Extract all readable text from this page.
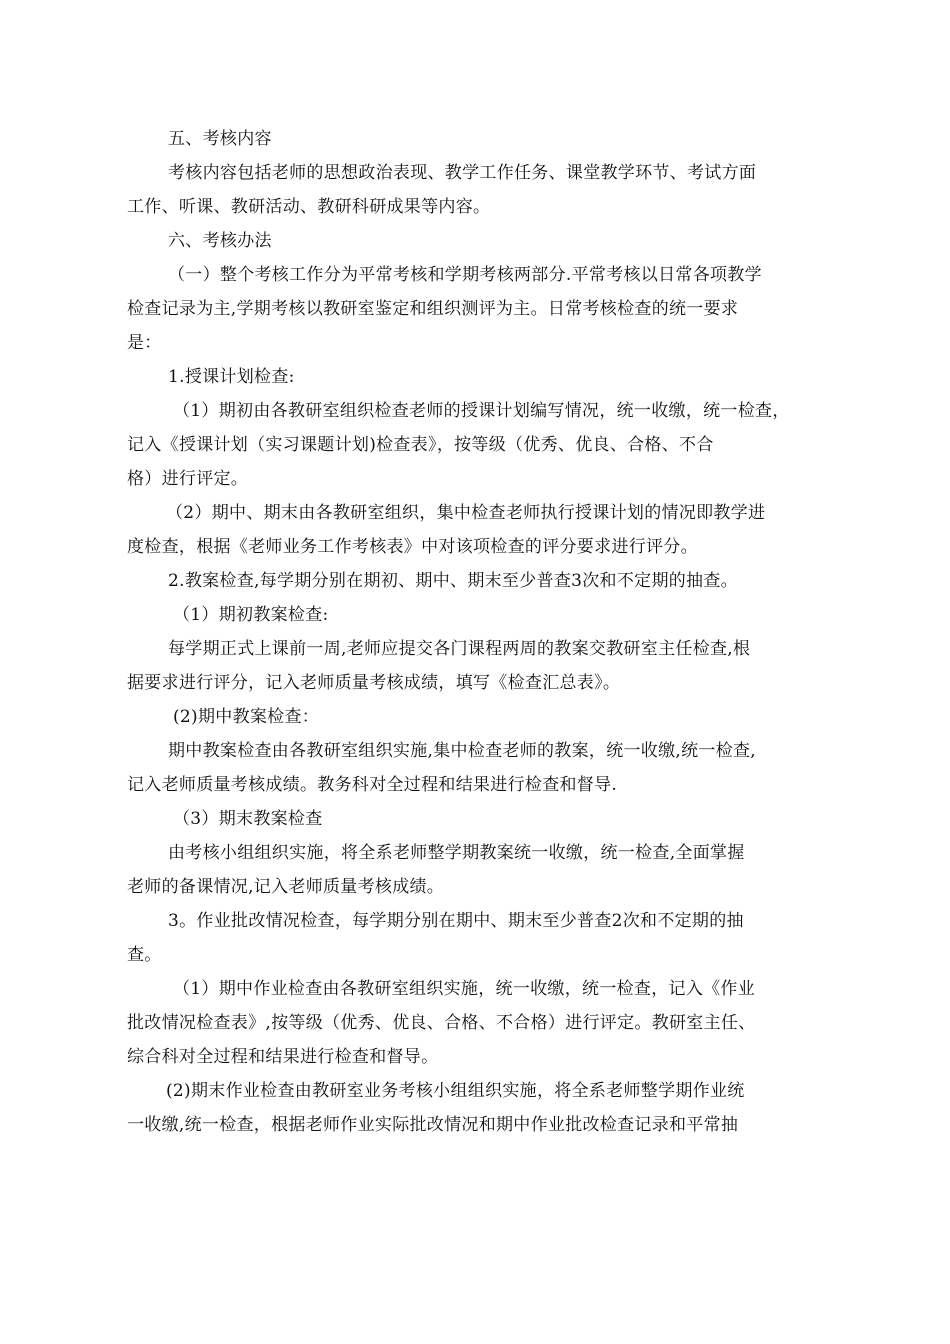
五、考核内容
考核内容包括老师的思想政治表现、教学工作任务、课堂教学环节、考试方面
工作、听课、教研活动、教研科研成果等内容。
六、考核办法
（一）整个考核工作分为平常考核和学期考核两部分.平常考核以日常各项教学
检查记录为主,学期考核以教研室鉴定和组织测评为主。日常考核检查的统一要求
是：
1.授课计划检查:
（1）期初由各教研室组织检查老师的授课计划编写情况，统一收缴，统一检查，
记入《授课计划（实习课题计划)检查表》，按等级（优秀、优良、合格、不合
格）进行评定。
（2）期中、期末由各教研室组织，集中检查老师执行授课计划的情况即教学进
度检查，根据《老师业务工作考核表》中对该项检查的评分要求进行评分。
2.教案检查,每学期分别在期初、期中、期末至少普查3次和不定期的抽查。
（1）期初教案检查:
每学期正式上课前一周,老师应提交各门课程两周的教案交教研室主任检查,根
据要求进行评分，记入老师质量考核成绩，填写《检查汇总表》。
(2)期中教案检查：
期中教案检查由各教研室组织实施,集中检查老师的教案，统一收缴,统一检查,
记入老师质量考核成绩。教务科对全过程和结果进行检查和督导.
（3）期末教案检查
由考核小组组织实施，将全系老师整学期教案统一收缴，统一检查,全面掌握
老师的备课情况,记入老师质量考核成绩。
3。作业批改情况检查，每学期分别在期中、期末至少普查2次和不定期的抽
查。
（1）期中作业检查由各教研室组织实施，统一收缴，统一检查，记入《作业
批改情况检查表》,按等级（优秀、优良、合格、不合格）进行评定。教研室主任、
综合科对全过程和结果进行检查和督导。
(2)期末作业检查由教研室业务考核小组组织实施，将全系老师整学期作业统
一收缴,统一检查，根据老师作业实际批改情况和期中作业批改检查记录和平常抽
